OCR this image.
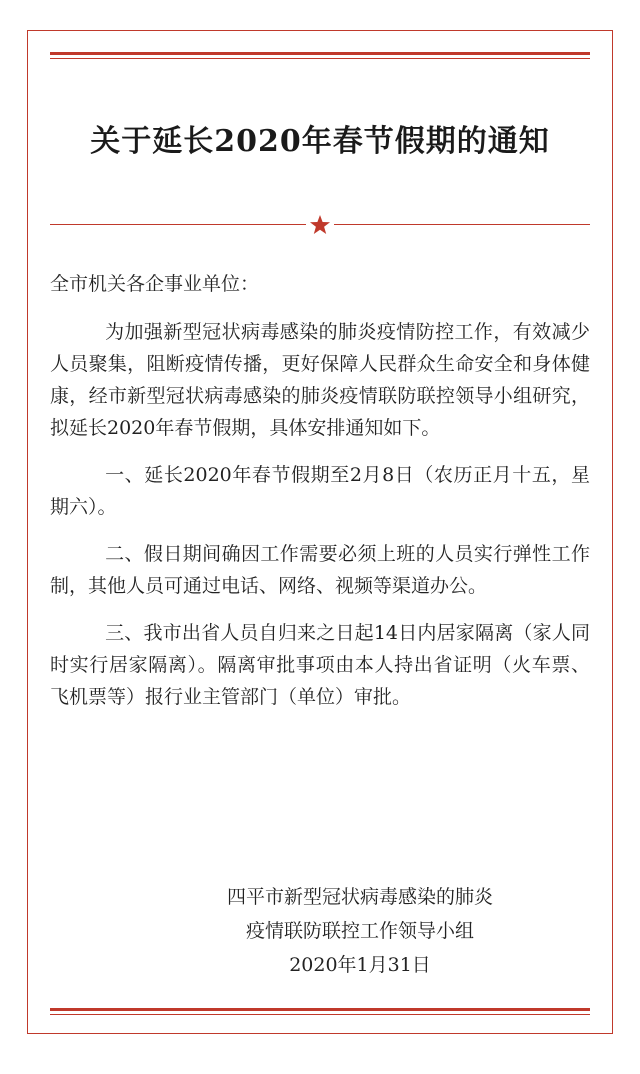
关于延长2020年春节假期的通知
全市机关各企事业单位：

为加强新型冠状病毒感染的肺炎疫情防控工作，有效减少人员聚集，阻断疫情传播，更好保障人民群众生命安全和身体健康，经市新型冠状病毒感染的肺炎疫情联防联控领导小组研究，拟延长2020年春节假期，具体安排通知如下。

一、延长2020年春节假期至2月8日（农历正月十五，星期六）。

二、假日期间确因工作需要必须上班的人员实行弹性工作制，其他人员可通过电话、网络、视频等渠道办公。

三、我市出省人员自归来之日起14日内居家隔离（家人同时实行居家隔离）。隔离审批事项由本人持出省证明（火车票、飞机票等）报行业主管部门（单位）审批。

四平市新型冠状病毒感染的肺炎
疫情联防联控工作领导小组
2020年1月31日
